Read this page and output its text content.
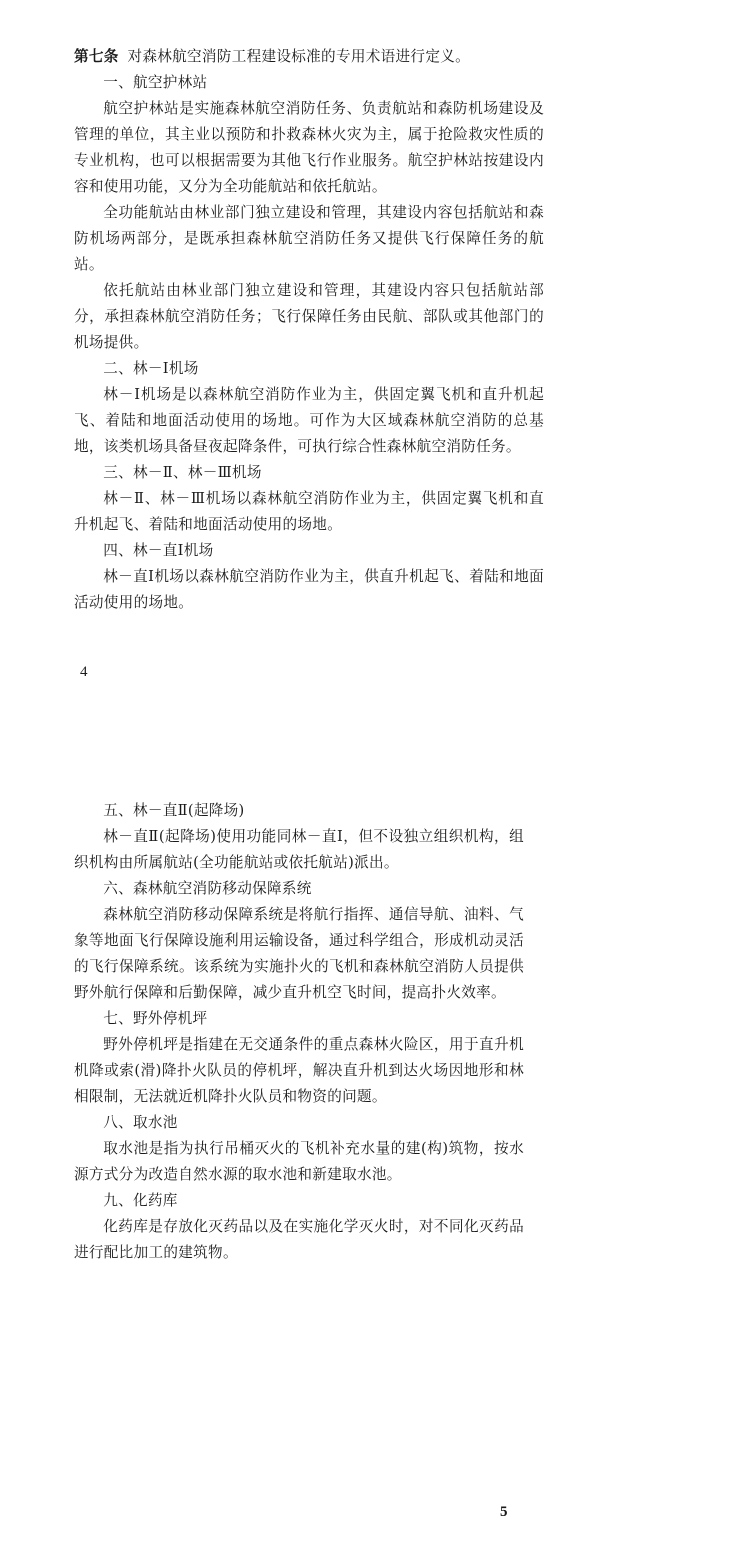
第七条 对森林航空消防工程建设标准的专用术语进行定义。

一、航空护林站

航空护林站是实施森林航空消防任务、负责航站和森防机场建设及管理的单位，其主业以预防和扑救森林火灾为主，属于抢险救灾性质的专业机构，也可以根据需要为其他飞行作业服务。航空护林站按建设内容和使用功能，又分为全功能航站和依托航站。

全功能航站由林业部门独立建设和管理，其建设内容包括航站和森防机场两部分，是既承担森林航空消防任务又提供飞行保障任务的航站。

依托航站由林业部门独立建设和管理，其建设内容只包括航站部分，承担森林航空消防任务；飞行保障任务由民航、部队或其他部门的机场提供。

二、林－Ⅰ机场

林－Ⅰ机场是以森林航空消防作业为主，供固定翼飞机和直升机起飞、着陆和地面活动使用的场地。可作为大区域森林航空消防的总基地，该类机场具备昼夜起降条件，可执行综合性森林航空消防任务。

三、林－Ⅱ、林－Ⅲ机场

林－Ⅱ、林－Ⅲ机场以森林航空消防作业为主，供固定翼飞机和直升机起飞、着陆和地面活动使用的场地。

四、林－直Ⅰ机场

林－直Ⅰ机场以森林航空消防作业为主，供直升机起飞、着陆和地面活动使用的场地。

4

五、林－直Ⅱ(起降场)

林－直Ⅱ(起降场)使用功能同林－直Ⅰ，但不设独立组织机构，组织机构由所属航站(全功能航站或依托航站)派出。

六、森林航空消防移动保障系统

森林航空消防移动保障系统是将航行指挥、通信导航、油料、气象等地面飞行保障设施利用运输设备，通过科学组合，形成机动灵活的飞行保障系统。该系统为实施扑火的飞机和森林航空消防人员提供野外航行保障和后勤保障，减少直升机空飞时间，提高扑火效率。

七、野外停机坪

野外停机坪是指建在无交通条件的重点森林火险区，用于直升机机降或索(滑)降扑火队员的停机坪，解决直升机到达火场因地形和林相限制，无法就近机降扑火队员和物资的问题。

八、取水池

取水池是指为执行吊桶灭火的飞机补充水量的建(构)筑物，按水源方式分为改造自然水源的取水池和新建取水池。

九、化药库

化药库是存放化灭药品以及在实施化学灭火时，对不同化灭药品进行配比加工的建筑物。

5
